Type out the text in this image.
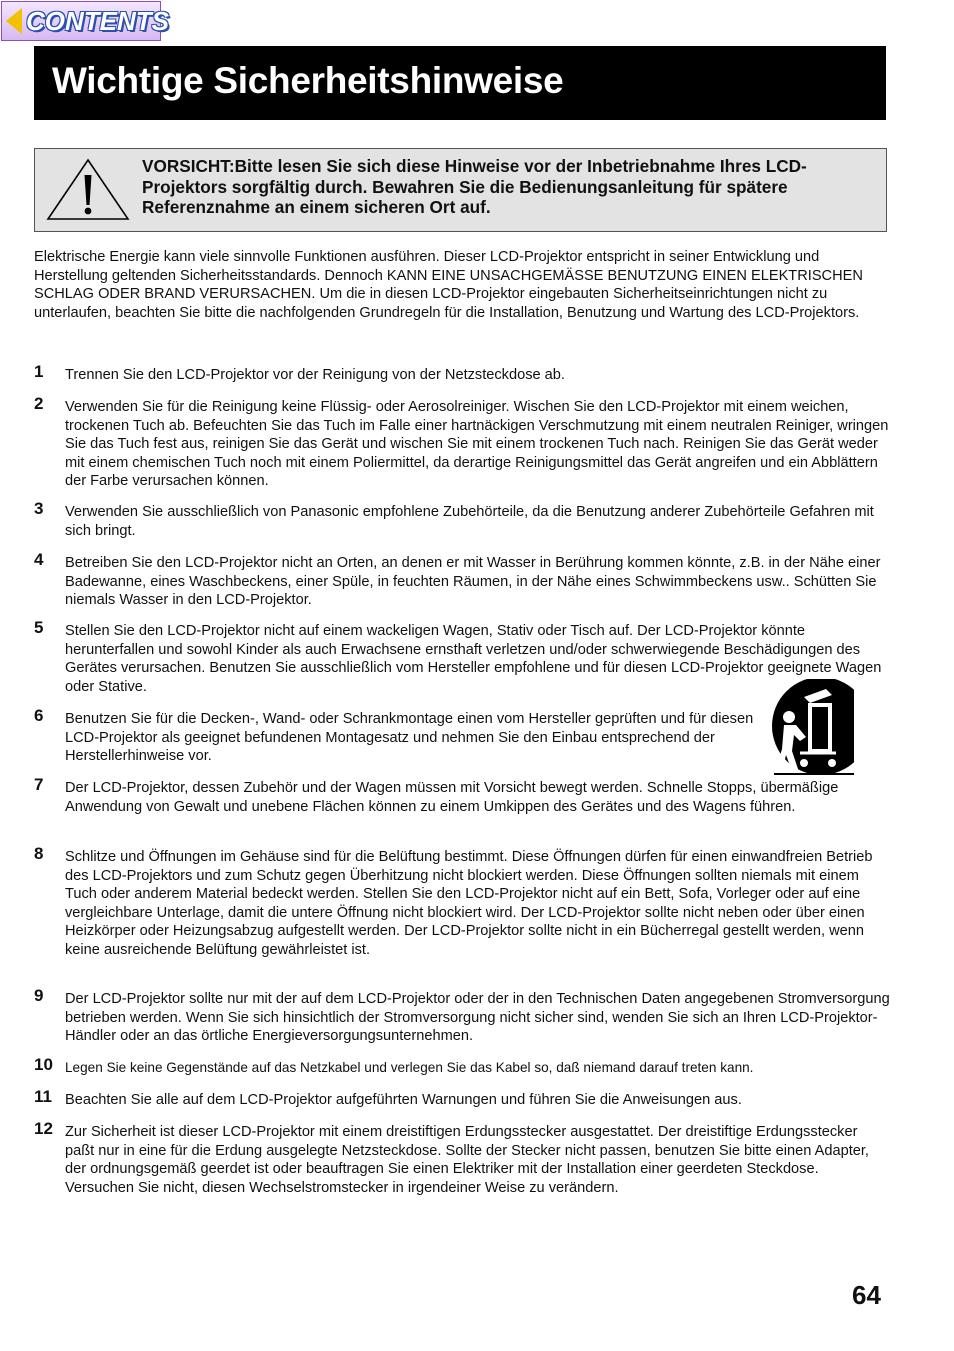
CONTENTS
Wichtige Sicherheitshinweise
VORSICHT:Bitte lesen Sie sich diese Hinweise vor der Inbetriebnahme Ihres LCD-Projektors sorgfältig durch. Bewahren Sie die Bedienungsanleitung für spätere Referenznahme an einem sicheren Ort auf.
Elektrische Energie kann viele sinnvolle Funktionen ausführen. Dieser LCD-Projektor entspricht in seiner Entwicklung und Herstellung geltenden Sicherheitsstandards. Dennoch KANN EINE UNSACHGEMÄSSE BENUTZUNG EINEN ELEKTRISCHEN SCHLAG ODER BRAND VERURSACHEN. Um die in diesen LCD-Projektor eingebauten Sicherheitseinrichtungen nicht zu unterlaufen, beachten Sie bitte die nachfolgenden Grundregeln für die Installation, Benutzung und Wartung des LCD-Projektors.
1 Trennen Sie den LCD-Projektor vor der Reinigung von der Netzsteckdose ab.
2 Verwenden Sie für die Reinigung keine Flüssig- oder Aerosolreiniger. Wischen Sie den LCD-Projektor mit einem weichen, trockenen Tuch ab. Befeuchten Sie das Tuch im Falle einer hartnäckigen Verschmutzung mit einem neutralen Reiniger, wringen Sie das Tuch fest aus, reinigen Sie das Gerät und wischen Sie mit einem trockenen Tuch nach. Reinigen Sie das Gerät weder mit einem chemischen Tuch noch mit einem Poliermittel, da derartige Reinigungsmittel das Gerät angreifen und ein Abblättern der Farbe verursachen können.
3 Verwenden Sie ausschließlich von Panasonic empfohlene Zubehörteile, da die Benutzung anderer Zubehörteile Gefahren mit sich bringt.
4 Betreiben Sie den LCD-Projektor nicht an Orten, an denen er mit Wasser in Berührung kommen könnte, z.B. in der Nähe einer Badewanne, eines Waschbeckens, einer Spüle, in feuchten Räumen, in der Nähe eines Schwimmbeckens usw.. Schütten Sie niemals Wasser in den LCD-Projektor.
5 Stellen Sie den LCD-Projektor nicht auf einem wackeligen Wagen, Stativ oder Tisch auf. Der LCD-Projektor könnte herunterfallen und sowohl Kinder als auch Erwachsene ernsthaft verletzen und/oder schwerwiegende Beschädigungen des Gerätes verursachen. Benutzen Sie ausschließlich vom Hersteller empfohlene und für diesen LCD-Projektor geeignete Wagen oder Stative.
6 Benutzen Sie für die Decken-, Wand- oder Schrankmontage einen vom Hersteller geprüften und für diesen LCD-Projektor als geeignet befundenen Montagesatz und nehmen Sie den Einbau entsprechend der Herstellerhinweise vor.
7 Der LCD-Projektor, dessen Zubehör und der Wagen müssen mit Vorsicht bewegt werden. Schnelle Stopps, übermäßige Anwendung von Gewalt und unebene Flächen können zu einem Umkippen des Gerätes und des Wagens führen.
8 Schlitze und Öffnungen im Gehäuse sind für die Belüftung bestimmt. Diese Öffnungen dürfen für einen einwandfreien Betrieb des LCD-Projektors und zum Schutz gegen Überhitzung nicht blockiert werden. Diese Öffnungen sollten niemals mit einem Tuch oder anderem Material bedeckt werden. Stellen Sie den LCD-Projektor nicht auf ein Bett, Sofa, Vorleger oder auf eine vergleichbare Unterlage, damit die untere Öffnung nicht blockiert wird. Der LCD-Projektor sollte nicht neben oder über einen Heizkörper oder Heizungsabzug aufgestellt werden. Der LCD-Projektor sollte nicht in ein Bücherregal gestellt werden, wenn keine ausreichende Belüftung gewährleistet ist.
9 Der LCD-Projektor sollte nur mit der auf dem LCD-Projektor oder der in den Technischen Daten angegebenen Stromversorgung betrieben werden. Wenn Sie sich hinsichtlich der Stromversorgung nicht sicher sind, wenden Sie sich an Ihren LCD-Projektor-Händler oder an das örtliche Energieversorgungsunternehmen.
10 Legen Sie keine Gegenstände auf das Netzkabel und verlegen Sie das Kabel so, daß niemand darauf treten kann.
11 Beachten Sie alle auf dem LCD-Projektor aufgeführten Warnungen und führen Sie die Anweisungen aus.
12 Zur Sicherheit ist dieser LCD-Projektor mit einem dreistiftigen Erdungsstecker ausgestattet. Der dreistiftige Erdungsstecker paßt nur in eine für die Erdung ausgelegte Netzsteckdose. Sollte der Stecker nicht passen, benutzen Sie bitte einen Adapter, der ordnungsgemäß geerdet ist oder beauftragen Sie einen Elektriker mit der Installation einer geerdeten Steckdose. Versuchen Sie nicht, diesen Wechselstromstecker in irgendeiner Weise zu verändern.
64
